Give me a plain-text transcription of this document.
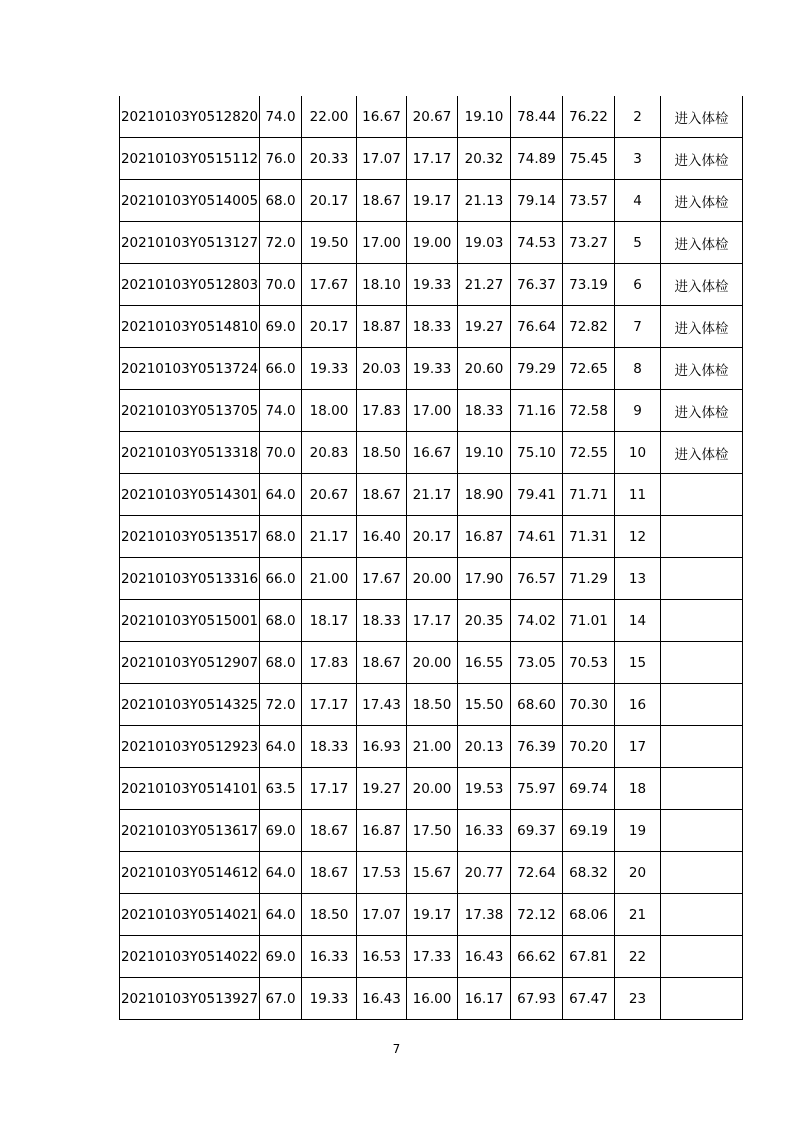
20210103Y0512820	74.0	22.00	16.67	20.67	19.10	78.44	76.22	2	进入体检
20210103Y0515112	76.0	20.33	17.07	17.17	20.32	74.89	75.45	3	进入体检
20210103Y0514005	68.0	20.17	18.67	19.17	21.13	79.14	73.57	4	进入体检
20210103Y0513127	72.0	19.50	17.00	19.00	19.03	74.53	73.27	5	进入体检
20210103Y0512803	70.0	17.67	18.10	19.33	21.27	76.37	73.19	6	进入体检
20210103Y0514810	69.0	20.17	18.87	18.33	19.27	76.64	72.82	7	进入体检
20210103Y0513724	66.0	19.33	20.03	19.33	20.60	79.29	72.65	8	进入体检
20210103Y0513705	74.0	18.00	17.83	17.00	18.33	71.16	72.58	9	进入体检
20210103Y0513318	70.0	20.83	18.50	16.67	19.10	75.10	72.55	10	进入体检
20210103Y0514301	64.0	20.67	18.67	21.17	18.90	79.41	71.71	11	
20210103Y0513517	68.0	21.17	16.40	20.17	16.87	74.61	71.31	12	
20210103Y0513316	66.0	21.00	17.67	20.00	17.90	76.57	71.29	13	
20210103Y0515001	68.0	18.17	18.33	17.17	20.35	74.02	71.01	14	
20210103Y0512907	68.0	17.83	18.67	20.00	16.55	73.05	70.53	15	
20210103Y0514325	72.0	17.17	17.43	18.50	15.50	68.60	70.30	16	
20210103Y0512923	64.0	18.33	16.93	21.00	20.13	76.39	70.20	17	
20210103Y0514101	63.5	17.17	19.27	20.00	19.53	75.97	69.74	18	
20210103Y0513617	69.0	18.67	16.87	17.50	16.33	69.37	69.19	19	
20210103Y0514612	64.0	18.67	17.53	15.67	20.77	72.64	68.32	20	
20210103Y0514021	64.0	18.50	17.07	19.17	17.38	72.12	68.06	21	
20210103Y0514022	69.0	16.33	16.53	17.33	16.43	66.62	67.81	22	
20210103Y0513927	67.0	19.33	16.43	16.00	16.17	67.93	67.47	23	
7
